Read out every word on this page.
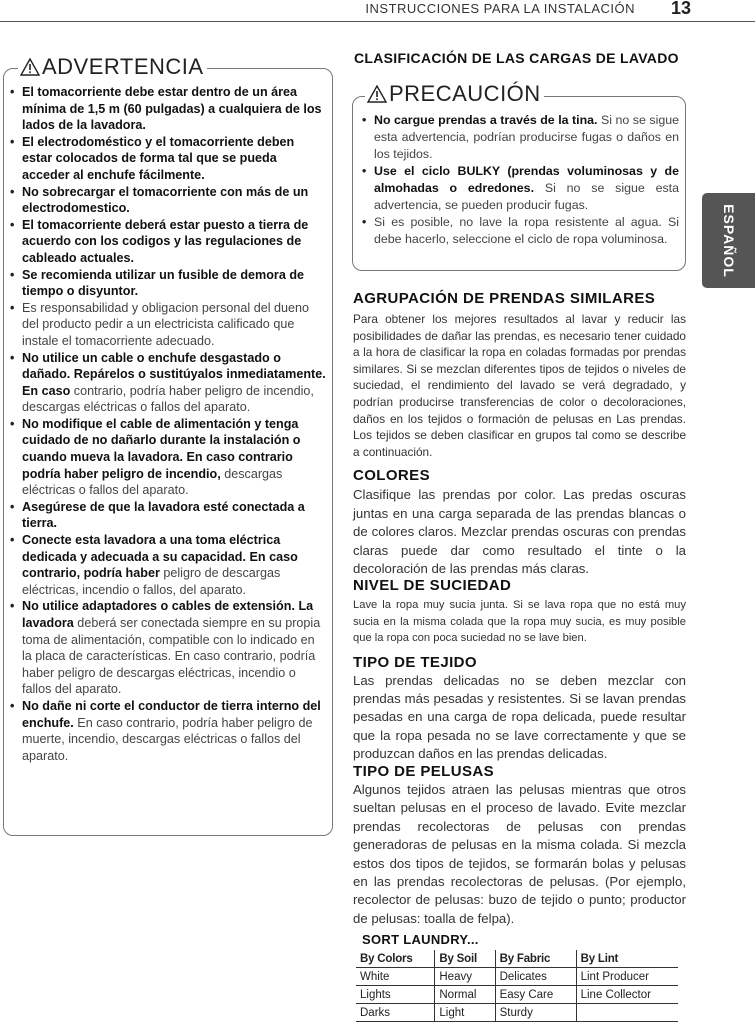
INSTRUCCIONES PARA LA INSTALACIÓN 13
ESPAÑOL
ADVERTENCIA
• El tomacorriente debe estar dentro de un área mínima de 1,5 m (60 pulgadas) a cualquiera de los lados de la lavadora.
• El electrodoméstico y el tomacorriente deben estar colocados de forma tal que se pueda acceder al enchufe fácilmente.
• No sobrecargar el tomacorriente con más de un electrodomestico.
• El tomacorriente deberá estar puesto a tierra de acuerdo con los codigos y las regulaciones de cableado actuales.
• Se recomienda utilizar un fusible de demora de tiempo o disyuntor.
• Es responsabilidad y obligacion personal del dueno del producto pedir a un electricista calificado que instale el tomacorriente adecuado.
• No utilice un cable o enchufe desgastado o dañado. Repárelos o sustitúyalos inmediatamente. En caso contrario, podría haber peligro de incendio, descargas eléctricas o fallos del aparato.
• No modifique el cable de alimentación y tenga cuidado de no dañarlo durante la instalación o cuando mueva la lavadora. En caso contrario podría haber peligro de incendio, descargas eléctricas o fallos del aparato.
• Asegúrese de que la lavadora esté conectada a tierra.
• Conecte esta lavadora a una toma eléctrica dedicada y adecuada a su capacidad. En caso contrario, podría haber peligro de descargas eléctricas, incendio o fallos, del aparato.
• No utilice adaptadores o cables de extensión. La lavadora deberá ser conectada siempre en su propia toma de alimentación, compatible con lo indicado en la placa de características. En caso contrario, podría haber peligro de descargas eléctricas, incendio o fallos del aparato.
• No dañe ni corte el conductor de tierra interno del enchufe. En caso contrario, podría haber peligro de muerte, incendio, descargas eléctricas o fallos del aparato.
CLASIFICACIÓN DE LAS CARGAS DE LAVADO
PRECAUCIÓN
• No cargue prendas a través de la tina. Si no se sigue esta advertencia, podrían producirse fugas o daños en los tejidos.
• Use el ciclo BULKY (prendas voluminosas y de almohadas o edredones. Si no se sigue esta advertencia, se pueden producir fugas.
• Si es posible, no lave la ropa resistente al agua. Si debe hacerlo, seleccione el ciclo de ropa voluminosa.
AGRUPACIÓN DE PRENDAS SIMILARES

Para obtener los mejores resultados al lavar y reducir las posibilidades de dañar las prendas, es necesario tener cuidado a la hora de clasificar la ropa en coladas formadas por prendas similares. Si se mezclan diferentes tipos de tejidos o niveles de suciedad, el rendimiento del lavado se verá degradado, y podrían producirse transferencias de color o decoloraciones, daños en los tejidos o formación de pelusas en Las prendas. Los tejidos se deben clasificar en grupos tal como se describe a continuación.

COLORES

Clasifique las prendas por color. Las predas oscuras juntas en una carga separada de las prendas blancas o de colores claros. Mezclar prendas oscuras con prendas claras puede dar como resultado el tinte o la decoloración de las prendas más claras.

NIVEL DE SUCIEDAD

Lave la ropa muy sucia junta. Si se lava ropa que no está muy sucia en la misma colada que la ropa muy sucia, es muy posible que la ropa con poca suciedad no se lave bien.

TIPO DE TEJIDO

Las prendas delicadas no se deben mezclar con prendas más pesadas y resistentes. Si se lavan prendas pesadas en una carga de ropa delicada, puede resultar que la ropa pesada no se lave correctamente y que se produzcan daños en las prendas delicadas.

TIPO DE PELUSAS

Algunos tejidos atraen las pelusas mientras que otros sueltan pelusas en el proceso de lavado. Evite mezclar prendas recolectoras de pelusas con prendas generadoras de pelusas en la misma colada. Si mezcla estos dos tipos de tejidos, se formarán bolas y pelusas en las prendas recolectoras de pelusas. (Por ejemplo, recolector de pelusas: buzo de tejido o punto; productor de pelusas: toalla de felpa).

SORT LAUNDRY...
By Colors	By Soil	By Fabric	By Lint
White	Heavy	Delicates	Lint Producer
Lights	Normal	Easy Care	Line Collector
Darks	Light	Sturdy	
